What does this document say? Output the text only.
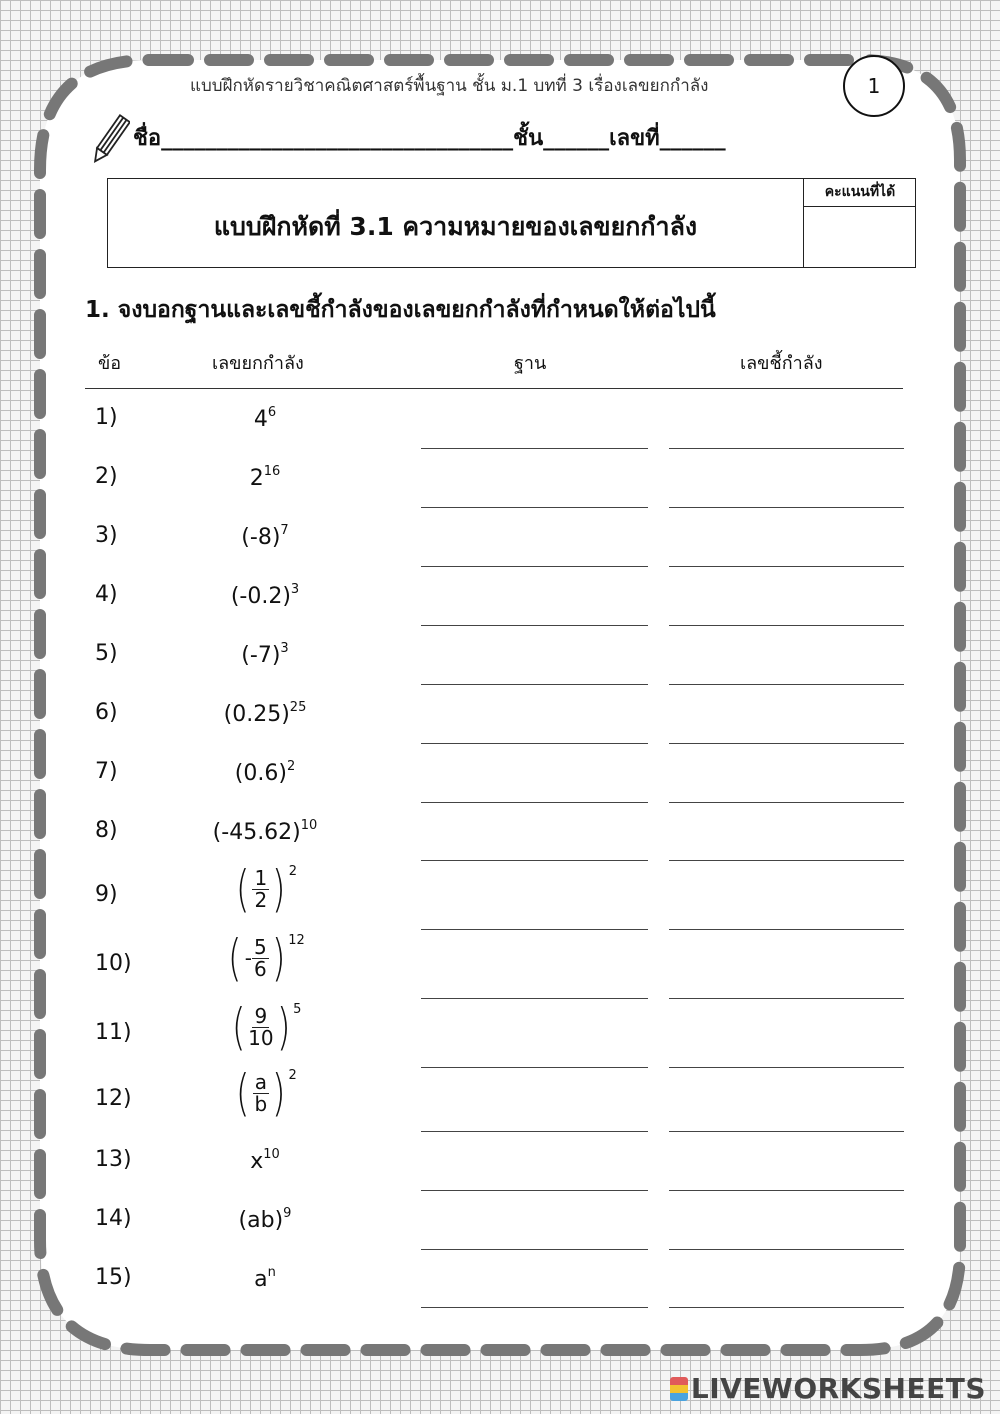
แบบฝึกหัดรายวิชาคณิตศาสตร์พื้นฐาน ชั้น ม.1 บทที่ 3 เรื่องเลขยกกำลัง	1
ชื่อ________________________________ชั้น______เลขที่______
แบบฝึกหัดที่ 3.1 ความหมายของเลขยกกำลัง
คะแนนที่ได้
1. จงบอกฐานและเลขชี้กำลังของเลขยกกำลังที่กำหนดให้ต่อไปนี้
ข้อ	เลขยกกำลัง	ฐาน	เลขชี้กำลัง
1)	$4^6$
2)	$2^{16}$
3)	$(-8)^7$
4)	$(-0.2)^3$
5)	$(-7)^3$
6)	$(0.25)^{25}$
7)	$(0.6)^2$
8)	$(-45.62)^{10}$
9) ( $\frac{1}{2}$ ) 2
10) ( - $\frac{5}{6}$ ) 12
11) ( $\frac{9}{10}$ ) 5
12) ( $\frac{a}{b}$ ) 2
13)	$x^{10}$
14)	(ab)$^9$
15)	$a^n$
LIVEWORKSHEETS
